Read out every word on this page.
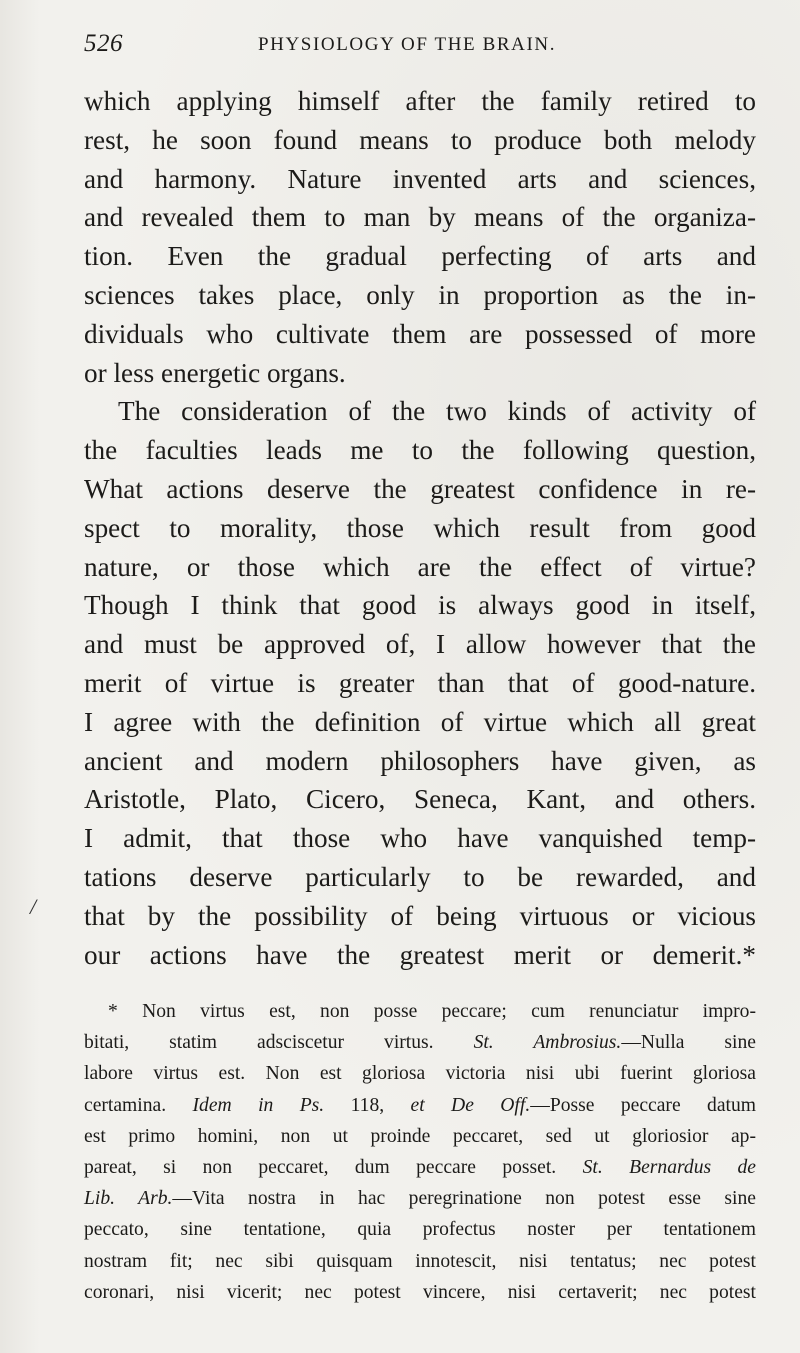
526	PHYSIOLOGY OF THE BRAIN.
which applying himself after the family retired to
rest, he soon found means to produce both melody
and harmony. Nature invented arts and sciences,
and revealed them to man by means of the organiza-
tion. Even the gradual perfecting of arts and
sciences takes place, only in proportion as the in-
dividuals who cultivate them are possessed of more
or less energetic organs.
The consideration of the two kinds of activity of
the faculties leads me to the following question,
What actions deserve the greatest confidence in re-
spect to morality, those which result from good
nature, or those which are the effect of virtue?
Though I think that good is always good in itself,
and must be approved of, I allow however that the
merit of virtue is greater than that of good-nature.
I agree with the definition of virtue which all great
ancient and modern philosophers have given, as
Aristotle, Plato, Cicero, Seneca, Kant, and others.
I admit, that those who have vanquished temp-
tations deserve particularly to be rewarded, and
that by the possibility of being virtuous or vicious
our actions have the greatest merit or demerit.*
/
* Non virtus est, non posse peccare; cum renunciatur impro-
bitati, statim adsciscetur virtus. St. Ambrosius.—Nulla sine
labore virtus est. Non est gloriosa victoria nisi ubi fuerint gloriosa
certamina. Idem in Ps. 118, et De Off.—Posse peccare datum
est primo homini, non ut proinde peccaret, sed ut gloriosior ap-
pareat, si non peccaret, dum peccare posset. St. Bernardus de
Lib. Arb.—Vita nostra in hac peregrinatione non potest esse sine
peccato, sine tentatione, quia profectus noster per tentationem
nostram fit; nec sibi quisquam innotescit, nisi tentatus; nec potest
coronari, nisi vicerit; nec potest vincere, nisi certaverit; nec potest
